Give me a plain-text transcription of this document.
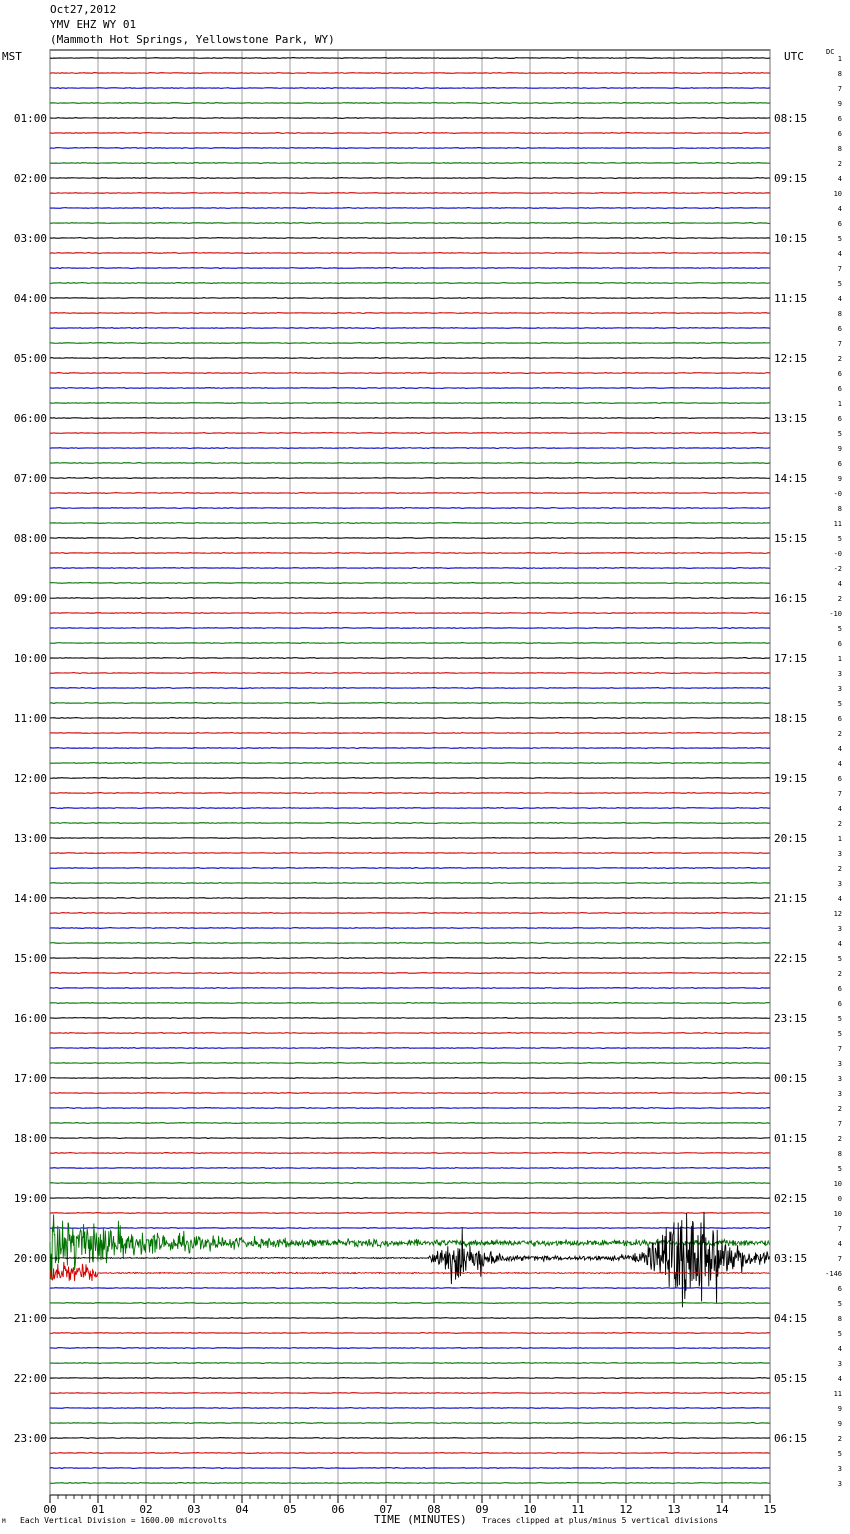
Oct27,2012
YMV EHZ WY 01
(Mammoth Hot Springs, Yellowstone Park, WY)
MST	UTC	DC
00	01	02	03	04	05	06	07	08	09	10	11	12	13	14	15
1
8
7
9
6
6
8
2
4
10
4
6
5
4
7
5
4
8
6
7
2
6
6
1
6
5
9
6
9
-0
8
11
5
-0
-2
4
2
-10
5
6
1
3
3
5
6
2
4
4
6
7
4
2
1
3
2
3
4
12
3
4
5
2
6
6
5
5
7
3
3
3
2
7
2
8
5
10
0
10
7
4
7
-146
6
5
8
5
4
3
4
11
9
9
2
5
3
3
01:00
02:00
03:00
04:00
05:00
06:00
07:00
08:00
09:00
10:00
11:00
12:00
13:00
14:00
15:00
16:00
17:00
18:00
19:00
20:00
21:00
22:00
23:00
08:15
09:15
10:15
11:15
12:15
13:15
14:15
15:15
16:15
17:15
18:15
19:15
20:15
21:15
22:15
23:15
00:15
01:15
02:15
03:15
04:15
05:15
06:15
Each Vertical Division = 1600.00 microvolts	TIME (MINUTES) Traces clipped at plus/minus 5 vertical divisions
M
